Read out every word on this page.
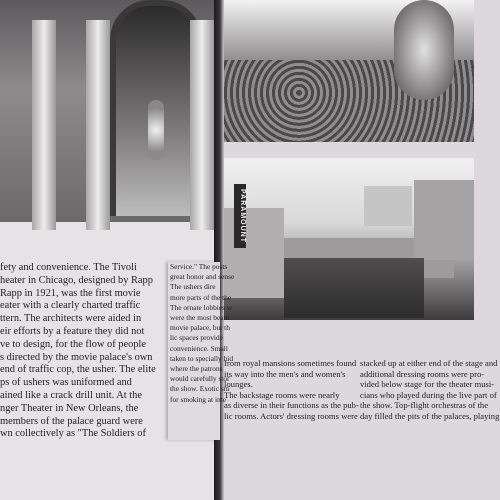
fety and convenience. The Tivoli

heater in Chicago, designed by Rapp

Rapp in 1921, was the first movie

eater with a clearly charted traffic

ttern. The architects were aided in

eir efforts by a feature they did not

ve to design, for the flow of people

s directed by the movie palace's own

end of traffic cop, the usher. The elite

ps of ushers was uniformed and

ained like a crack drill unit. At the

nger Theater in New Orleans, the

members of the palace guard were

wn collectively as "The Soldiers of

PARAMOUNT

from royal mansions sometimes found

its way into the men's and women's

lounges.

The backstage rooms were nearly

as diverse in their functions as the pub-

lic rooms. Actors' dressing rooms were

stacked up at either end of the stage and

additional dressing rooms were pro-

vided below stage for the theater musi-

cians who played during the live part of

the show. Top-flight orchestras of the

day filled the pits of the palaces, playing

Service." The posts

great honor and sense

The ushers dire

more parts of the the

The ornate lobbies w

were the most beaut

movie palace, but th

lic spaces provide

convenience. Small

taken to specially hid

where the patrons

would carefully stor

the show. Exotic sm

for smoking at inte
